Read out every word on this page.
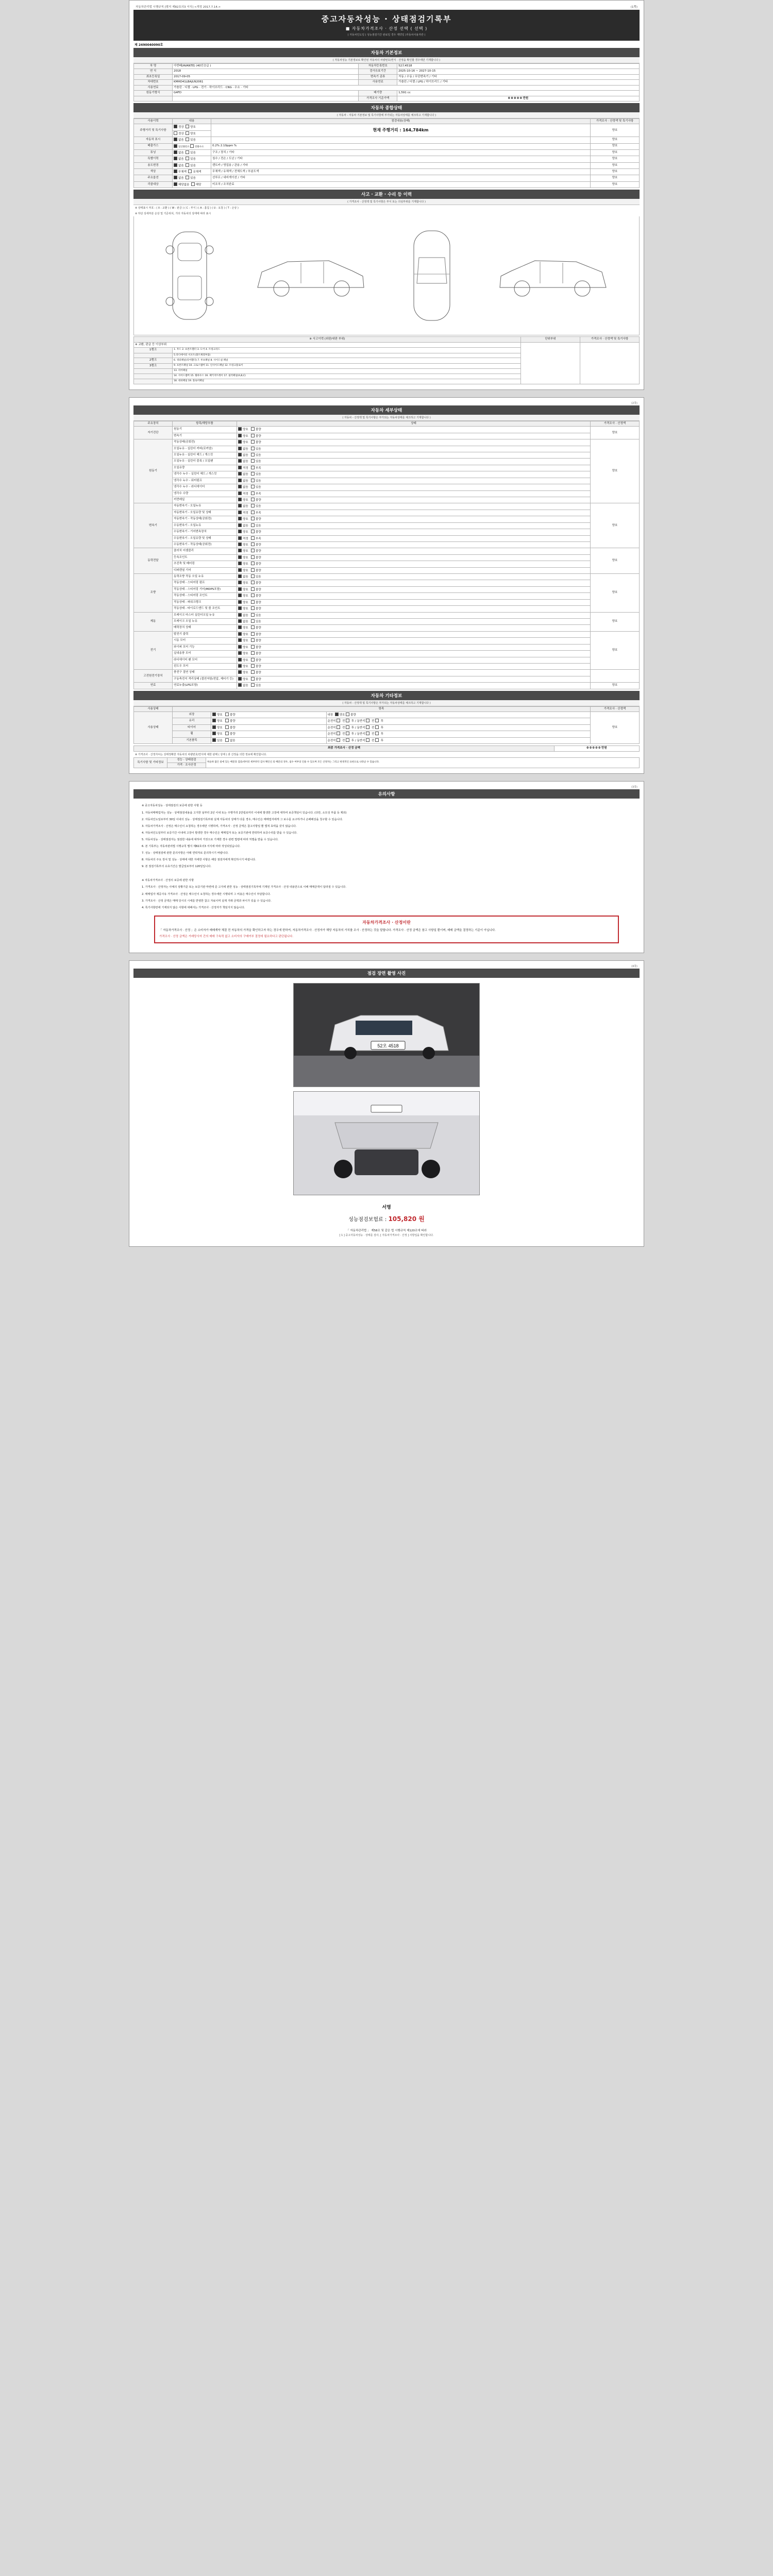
자동차관리법 시행규칙 [별지 제82호의3 서식] <개정 2017.7.14.>	(1쪽)
중고자동차성능 · 상태점검기록부
■ 자동차가격조사 · 산정 선택 ( 선택 )
( 자동차인도일 ( 성능점검기간 완료일 경우 계약일 )자동차사용자란 )
제 2490040090호
자동차 기본정보
( 자동차성능 기본정보로 확인된 자동차의 차량번호/연식 · 산정을 확인할 경우에만 기재합니다 )
차 명	아반떼(AVANTE) (40인승급 )	자동차등록번호	52오4518
연 식	2018	검사유효기간	2025-10-16 ~ 2027-10-15
최초등록일	2017-09-05	변속기 종류	자동 / 수동 / 무단변속기 / 기타
차대번호	KMHD41LBAJU92061	사용연료	가솔린 / 디젤 / LPG / 하이브리드 / 기타
사용연료	가솔린 · 디젤 · LPG · 전기 · 하이브리드 · CNG · 수소 · 기타		
원동기형식	G4FD	배기량	1,591 cc
		가격조사 기준가액	0 0 0 0 0 만원
자동차 종합상태
( 자동차 - 자동차 기본정보 및 특기사항에 부가되는 자동차상태를 체크하고 기재합니다 )
사용이력	내용	점검내용(상태)	가격조사 · 산정액 및 특기사항
주행거리 및 특기사항	정상 양호	현재 주행거리 : 164,784km	양호
	정상  양호		
자동차 표시	없음 있음		양호
배출가스	일산화탄소 탄화수소	0.2% 2.10ppm %	양호
튜닝	없음 있음	구조 / 장치 / 기타	양호
특별이력	없음 있음	침수 / 전손 / 도난 / 기타	양호
용도변경	없음 있음	렌트카 / 영업용 / 관용 / 기타	양호
색상	무채색 유채색	무채색 / 유채색 / 전체도색 / 부분도색	양호
주요옵션	없음 있음	선루프 / 내비게이션 / 기타	양호
리콜대상	해당없음 해당	미조치 / 조치완료	양호
사고 · 교환 · 수리 등 이력
( 가격조사 · 산정액 및 특기사항은 부식 또는 의심부위를 기재합니다 )
※ 상태표시 부호 : ( X : 교환 ) ( W : 판금 ) ( C : 부식 ) ( A : 흠집 ) ( U : 요철 ) ( T : 손상 )
※ 하단 상세부분 손상 및 기준위치, 기타 자동차의 상태에 따라 표시
※ 사고이력 (외판/내판 부위)		단위부위	가격조사 · 산정액 및 특기사항
※ 교환, 판금 등 이상부위			
1랭크	1. 후드 2. 프론트휀더 3. 도어 4. 트렁크리드		
	5.라디에이터 서포트(볼트체결부품)		
2랭크	6. 쿼터패널(리어휀더) 7. 루프패널 8. 사이드실 패널		
3랭크	9. 프론트패널 10. 크로스멤버 11. 인사이드패널 12. 트렁크플로어		
	13. 리어패널		
	14. 사이드멤버 15. 휠하우스 16. 패키지트레이 17. 필러패널(A,B,C)		
	18. 대쉬패널 19. 플로어패널		
(2쪽)
자동차 세부상태
( 자동차 - 산정액 및 특기사항은 부가되는 자동차상태를 체크하고 기재합니다 )
주요장치	항목/해당부품	상태	가격조사 · 산정액
자기진단	원동기	양호   불량	양호
	변속기	양호   불량	
원동기	작동상태(공회전)	양호   불량	양호
	오일누유 - 실린더 커버(로커암)	없음   있음	
	오일누유 - 실린더 헤드 / 개스킷	없음   있음	
	오일누유 - 실린더 블록 / 오일팬	없음   있음	
	오일유량	적정   부족	
	냉각수 누수 - 실린더 헤드 / 개스킷	없음   있음	
	냉각수 누수 - 워터펌프	없음   있음	
	냉각수 누수 - 라디에이터	없음   있음	
	냉각수 수량	적정   부족	
	커먼레일	양호   불량	
변속기	자동변속기 - 오일누유	없음   있음	양호
	자동변속기 - 오일유량 및 상태	적정   부족	
	자동변속기 - 작동상태(공회전)	양호   불량	
	수동변속기 - 오일누유	없음   있음	
	수동변속기 - 기어변속장치	양호   불량	
	수동변속기 - 오일유량 및 상태	적정   부족	
	수동변속기 - 작동상태(공회전)	양호   불량	
동력전달	클러치 어셈블리	양호   불량	양호
	등속조인트	양호   불량	
	추진축 및 베어링	양호   불량	
	디퍼렌셜 기어	양호   불량	
조향	동력조향 작동 오일 누유	없음   있음	양호
	작동상태 - 스티어링 펌프	양호   불량	
	작동상태 - 스티어링 기어(MDPS포함)	양호   불량	
	작동상태 - 스티어링 조인트	양호   불량	
	작동상태 - 파워크랭크	양호   불량	
	작동상태 - 타이로드엔드 및 볼 조인트	양호   불량	
제동	브레이크 마스터 실린더오일 누유	없음   있음	양호
	브레이크 오일 누유	없음   있음	
	배력장치 상태	양호   불량	
전기	발전기 출력	양호   불량	양호
	시동 모터	양호   불량	
	와이퍼 모터 기능	양호   불량	
	실내송풍 모터	양호   불량	
	라디에이터 팬 모터	양호   불량	
	윈도우 모터	양호   불량	
고전원전기장치	충전구 절연 상태	양호   불량	
	구동축전지 격리상태 (절연저항/전압, 제어기 등)	양호   불량	
연료	연료누출(LPG포함)	없음   있음	양호
자동차 기타정보
( 자동차 - 산정액 및 특기사항은 부가되는 자동차상태를 체크하고 기재합니다 )
사용상태	항목			가격조사 · 산정액
사용상태	외장	양호   불량	내장  양호 불량	양호
	유리	양호   불량	운전석  전  후 / 동반석  전  후	
	타이어	양호   불량	운전석  전  후 / 동반석  전  후	
	휠	양호   불량	운전석  전  후 / 동반석  전  후	
	기본품목	있음   없음	운전석  전  후 / 동반석  전  후	
최종 가격조사 · 산정 금액	0 0 0 0 0 만원
※ 가격조사 · 산정자씨는 상태정확한 자동차의 차량번호/연식에 대한 판매 ( 상태 ) 과 산정을 의한 정보에 확인합니다.
특기사항 및 기타정보	성능 · 상태점검	허술하 많은 물에 있는 배문과 검증/데이터 세부파악 검사 확인신 의 배문의 경우, 침수 여부의 인용 수 있으며 모든 산정자는 그리고 한정적인 표현으로 나타날 수 있습니다.
가격 · 조사산정
(3쪽)
유의사항
※ 중고자동차성능 · 상태점검의 보증에 관한 사항 등
1. 자동차매매업자는 성능 · 상태점검내용을 고지한 날부터 2년 이내 또는 주행거리 2만킬로미터 이내에 발생한 고장에 대하여 보증책임이 있습니다. (다만, 소모성 부품 등 제외)
2. 자동차인도일로부터 30일 이내의 성능 · 상태점검기록부와 실제 자동차의 상태가 다를 경우, 매수인은 매매업자에게 그 보수를 요구하거나 손해배상을 청구할 수 있습니다.
3. 자동차가격조사 · 산정은 매수인이 요청하는 경우에만 시행하며, 가격조사 · 산정 금액은 참고사항일 뿐 법적 효력을 갖지 않습니다.
4. 자동차인도일부터 보증기간 이내에 고장이 발생한 경우 매수인은 매매업자 또는 보증기관에 연락하여 보증수리를 받을 수 있습니다.
5. 자동차성능 · 상태점검자는 점검한 내용에 대하여 거짓으로 기재한 경우 관련 법령에 따라 처벌을 받을 수 있습니다.
6. 본 기록부는 자동차관리법 시행규칙 별지 제82호의3 서식에 따라 작성되었습니다.
7. 성능 · 상태점검에 관한 문의사항은 아래 연락처로 문의하시기 바랍니다.
8. 자동차의 주요 장치 및 성능 · 상태에 대한 자세한 사항은 해당 점검자에게 확인하시기 바랍니다.
9. 본 점검기록부의 유효기간은 발급일로부터 120일입니다.
※ 자동차가격조사 · 산정의 보증에 관한 사항
1. 가격조사 · 산정자는 사체의 상황기준 또는 보증기관 마련에 준 고지에 관한 성능 · 상태점검기록부에 기재된 가격조사 · 산정 내용만으로 이해 매매금액이 달라질 수 있습니다.
2. 매매업자 제공사유 가격조사 · 산정은 매수인이 요청하는 경우에만 시행되며 그 비용은 매수인이 부담합니다.
3. 가격조사 · 산정 금액은 매매 당시의 시세를 반영한 참고 자료이며 실제 거래 금액과 차이가 있을 수 있습니다.
4. 특기사항란에 기재되지 않은 사항에 대해서는 가격조사 · 산정자가 책임지지 않습니다.
자동차가격조사 · 산정이란
「 자동차가격조사 · 산정 」은 소비자가 매매계약 체결 전 자동차의 가격을 확인하고자 하는 경우에 한하여, 자동차가격조사 · 산정자가 해당 자동차의 가치를 조사 · 산정하는 것을 말합니다. 가격조사 · 산정 금액은 참고 사항일 뿐이며, 매매 금액을 결정하는 기준이 아닙니다.
가격조사 · 산정 금액은 거래당사자 간의 매매 구속력 없고 소비자의 구매여부 결정에 필요하다고 판단됩니다.
(4쪽)
점검 장면 촬영 사진
52오 4518
서명
성능점검보험료 : 105,820 원
「 자동차관리법 」 제58조 및 같은 법 시행규칙 제120조에 따라
[ 1 ] 중고자동차성능 · 상태를 검사, [ 자동차가격조사 · 산정 ] 사항입을 확인합니다.
